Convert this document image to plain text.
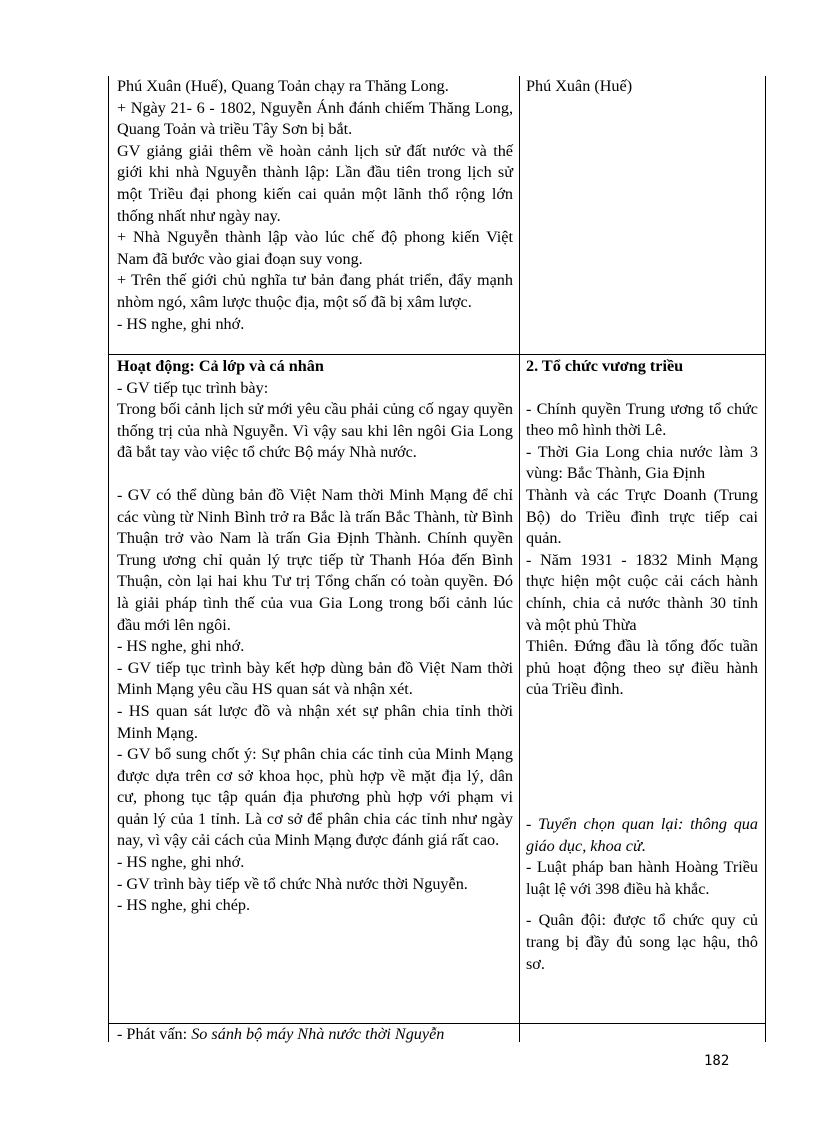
Phú Xuân (Huế), Quang Toản chạy ra Thăng Long.

+ Ngày 21- 6 - 1802, Nguyễn Ánh đánh chiếm Thăng Long, Quang Toản và triều Tây Sơn bị bắt.

GV giảng giải thêm về hoàn cảnh lịch sử đất nước và thế giới khi nhà Nguyễn thành lập: Lần đầu tiên trong lịch sử một Triều đại phong kiến cai quản một lãnh thổ rộng lớn thống nhất như ngày nay.

+ Nhà Nguyễn thành lập vào lúc chế độ phong kiến Việt Nam đã bước vào giai đoạn suy vong.

+ Trên thế giới chủ nghĩa tư bản đang phát triển, đẩy mạnh nhòm ngó, xâm lược thuộc địa, một số đã bị xâm lược.

- HS nghe, ghi nhớ.

Hoạt động: Cả lớp và cá nhân

- GV tiếp tục trình bày:

Trong bối cảnh lịch sử mới yêu cầu phải củng cố ngay quyền thống trị của nhà Nguyễn. Vì vậy sau khi lên ngôi Gia Long đã bắt tay vào việc tổ chức Bộ máy Nhà nước.

- GV có thể dùng bản đồ Việt Nam thời Minh Mạng để chỉ các vùng từ Ninh Bình trở ra Bắc là trấn Bắc Thành, từ Bình Thuận trở vào Nam là trấn Gia Định Thành. Chính quyền Trung ương chỉ quản lý trực tiếp từ Thanh Hóa đến Bình Thuận, còn lại hai khu Tư trị Tổng chấn có toàn quyền. Đó là giải pháp tình thế của vua Gia Long trong bối cảnh lúc đầu mới lên ngôi.

- HS nghe, ghi nhớ.

- GV tiếp tục trình bày kết hợp dùng bản đồ Việt Nam thời Minh Mạng yêu cầu HS quan sát và nhận xét.

- HS quan sát lược đồ và nhận xét sự phân chia tỉnh thời Minh Mạng.

- GV bổ sung chốt ý: Sự phân chia các tỉnh của Minh Mạng được dựa trên cơ sở khoa học, phù hợp về mặt địa lý, dân cư, phong tục tập quán địa phương phù hợp với phạm vi quản lý của 1 tỉnh. Là cơ sở để phân chia các tỉnh như ngày nay, vì vậy cải cách của Minh Mạng được đánh giá rất cao.

- HS nghe, ghi nhớ.

- GV trình bày tiếp về tổ chức Nhà nước thời Nguyễn.

- HS nghe, ghi chép.

- Phát vấn: So sánh bộ máy Nhà nước thời Nguyễn

Phú Xuân (Huế)

2. Tổ chức vương triều

- Chính quyền Trung ương tổ chức theo mô hình thời Lê.

- Thời Gia Long chia nước làm 3 vùng: Bắc Thành, Gia Định

Thành và các Trực Doanh (Trung Bộ) do Triều đình trực tiếp cai quản.

- Năm 1931 - 1832 Minh Mạng thực hiện một cuộc cải cách hành chính, chia cả nước thành 30 tỉnh và một phủ Thừa

Thiên. Đứng đầu là tổng đốc tuần phủ hoạt động theo sự điều hành của Triều đình.

- Tuyển chọn quan lại: thông qua giáo dục, khoa cử.

- Luật pháp ban hành Hoàng Triều luật lệ với 398 điều hà khắc.

- Quân đội: được tổ chức quy củ trang bị đầy đủ song lạc hậu, thô sơ.

182
